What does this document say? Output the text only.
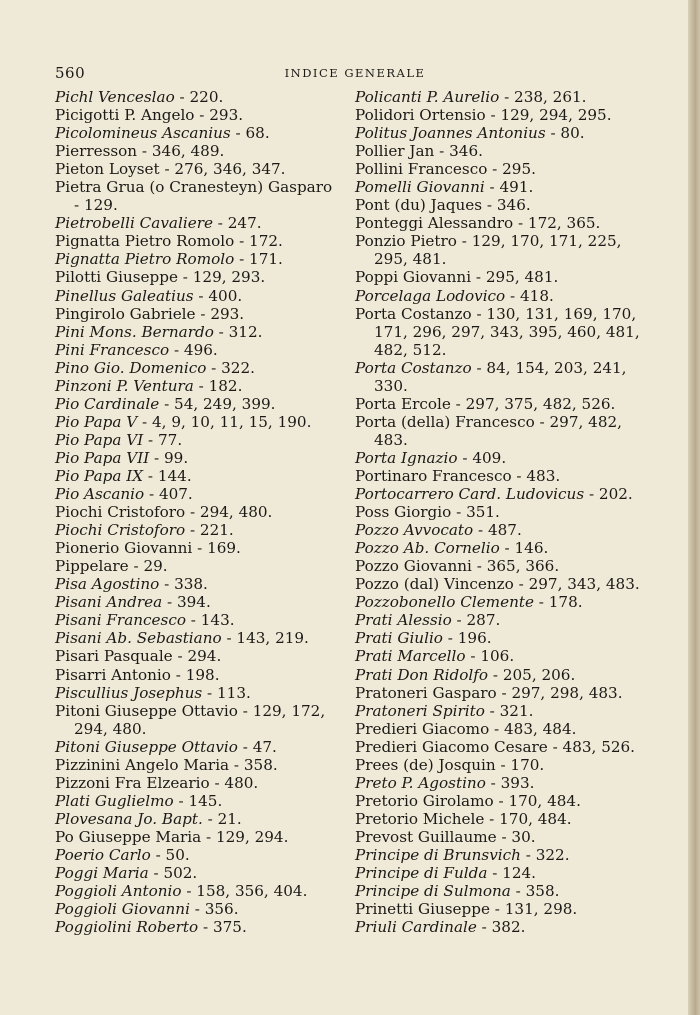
560	INDICE GENERALE
Pichl Venceslao - 220.
Picigotti P. Angelo - 293.
Picolomineus Ascanius - 68.
Pierresson - 346, 489.
Pieton Loyset - 276, 346, 347.
Pietra Grua (o Cranesteyn) Gasparo - 129.
Pietrobelli Cavaliere - 247.
Pignatta Pietro Romolo - 172.
Pignatta Pietro Romolo - 171.
Pilotti Giuseppe - 129, 293.
Pinellus Galeatius - 400.
Pingirolo Gabriele - 293.
Pini Mons. Bernardo - 312.
Pini Francesco - 496.
Pino Gio. Domenico - 322.
Pinzoni P. Ventura - 182.
Pio Cardinale - 54, 249, 399.
Pio Papa V - 4, 9, 10, 11, 15, 190.
Pio Papa VI - 77.
Pio Papa VII - 99.
Pio Papa IX - 144.
Pio Ascanio - 407.
Piochi Cristoforo - 294, 480.
Piochi Cristoforo - 221.
Pionerio Giovanni - 169.
Pippelare - 29.
Pisa Agostino - 338.
Pisani Andrea - 394.
Pisani Francesco - 143.
Pisani Ab. Sebastiano - 143, 219.
Pisari Pasquale - 294.
Pisarri Antonio - 198.
Piscullius Josephus - 113.
Pitoni Giuseppe Ottavio - 129, 172, 294, 480.
Pitoni Giuseppe Ottavio - 47.
Pizzinini Angelo Maria - 358.
Pizzoni Fra Elzeario - 480.
Plati Guglielmo - 145.
Plovesana Jo. Bapt. - 21.
Po Giuseppe Maria - 129, 294.
Poerio Carlo - 50.
Poggi Maria - 502.
Poggioli Antonio - 158, 356, 404.
Poggioli Giovanni - 356.
Poggiolini Roberto - 375.
Policanti P. Aurelio - 238, 261.
Polidori Ortensio - 129, 294, 295.
Politus Joannes Antonius - 80.
Pollier Jan - 346.
Pollini Francesco - 295.
Pomelli Giovanni - 491.
Pont (du) Jaques - 346.
Ponteggi Alessandro - 172, 365.
Ponzio Pietro - 129, 170, 171, 225, 295, 481.
Poppi Giovanni - 295, 481.
Porcelaga Lodovico - 418.
Porta Costanzo - 130, 131, 169, 170, 171, 296, 297, 343, 395, 460, 481, 482, 512.
Porta Costanzo - 84, 154, 203, 241, 330.
Porta Ercole - 297, 375, 482, 526.
Porta (della) Francesco - 297, 482, 483.
Porta Ignazio - 409.
Portinaro Francesco - 483.
Portocarrero Card. Ludovicus - 202.
Poss Giorgio - 351.
Pozzo Avvocato - 487.
Pozzo Ab. Cornelio - 146.
Pozzo Giovanni - 365, 366.
Pozzo (dal) Vincenzo - 297, 343, 483.
Pozzobonello Clemente - 178.
Prati Alessio - 287.
Prati Giulio - 196.
Prati Marcello - 106.
Prati Don Ridolfo - 205, 206.
Pratoneri Gasparo - 297, 298, 483.
Pratoneri Spirito - 321.
Predieri Giacomo - 483, 484.
Predieri Giacomo Cesare - 483, 526.
Prees (de) Josquin - 170.
Preto P. Agostino - 393.
Pretorio Girolamo - 170, 484.
Pretorio Michele - 170, 484.
Prevost Guillaume - 30.
Principe di Brunsvich - 322.
Principe di Fulda - 124.
Principe di Sulmona - 358.
Prinetti Giuseppe - 131, 298.
Priuli Cardinale - 382.
